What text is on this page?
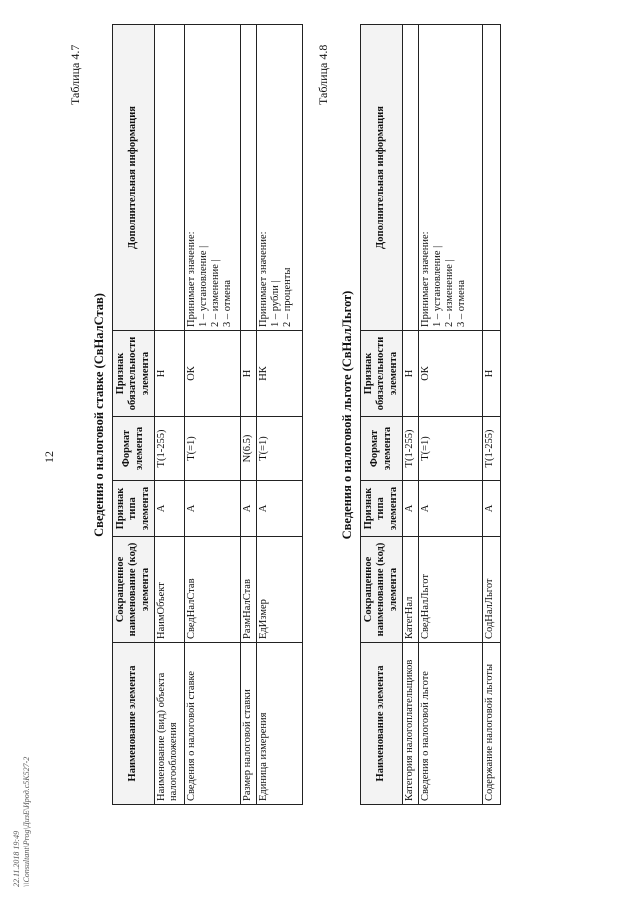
22.11.2018 19:49
\\Consultant\Prog\ДизЕ\Ирод.с5К527-2
12
Таблица 4.7
Сведения о налоговой ставке (СвНалСтав)
Наименование элемента	Сокращенное наименование (код) элемента	Признак типа элемента	Формат элемента	Признак обязательности элемента	Дополнительная информация
Наименование (вид) объекта налогообложения	НаимОбъект	А	T(1-255)	Н	
Сведения о налоговой ставке	СведНалСтав	А	T(=1)	ОК	Принимает значение:
1 – установление |
2 – изменение |
3 – отмена
Размер налоговой ставки	РазмНалСтав	А	N(6.5)	Н	
Единица измерения	ЕдИзмер	А	T(=1)	НК	Принимает значение:
1 – рубли |
2 – проценты
Таблица 4.8
Сведения о налоговой льготе (СвНалЛьгот)
Наименование элемента	Сокращенное наименование (код) элемента	Признак типа элемента	Формат элемента	Признак обязательности элемента	Дополнительная информация
Категория налогоплательщиков	КатегНал	А	T(1-255)	Н	
Сведения о налоговой льготе	СведНалЛьгот	А	T(=1)	ОК	Принимает значение:
1 – установление |
2 – изменение |
3 – отмена
Содержание налоговой льготы	СодНалЛьгот	А	T(1-255)	Н	
